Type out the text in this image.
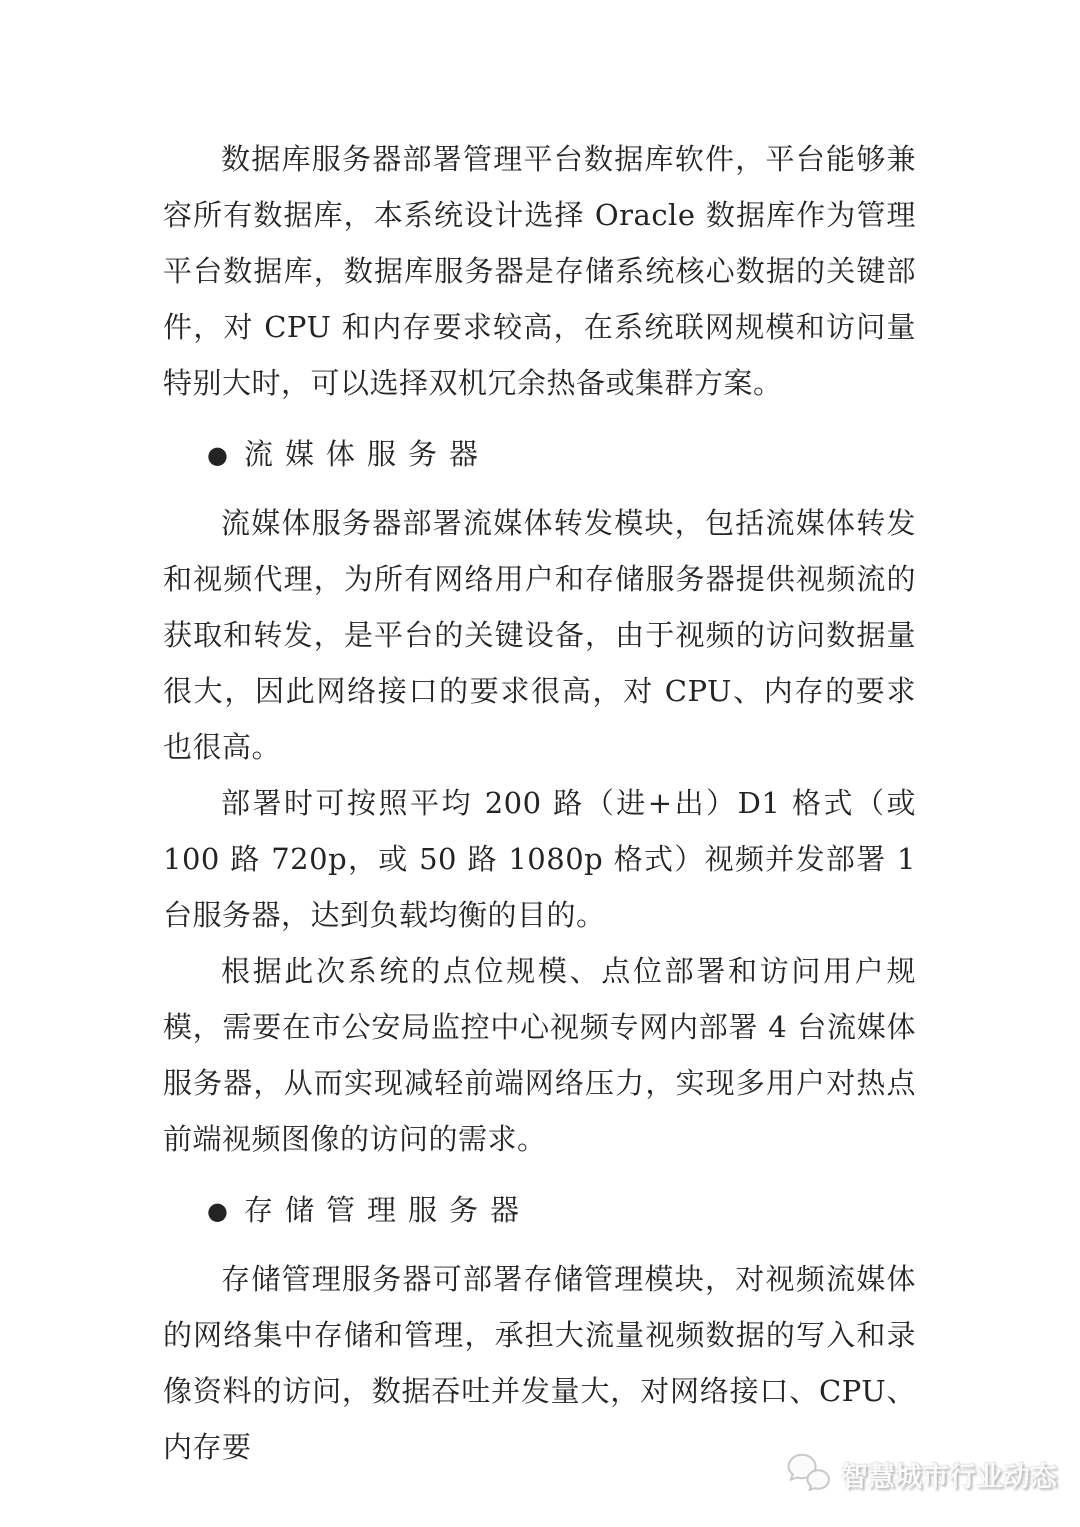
数据库服务器部署管理平台数据库软件，平台能够兼容所有数据库，本系统设计选择 Oracle 数据库作为管理平台数据库，数据库服务器是存储系统核心数据的关键部件，对 CPU 和内存要求较高，在系统联网规模和访问量特别大时，可以选择双机冗余热备或集群方案。

● 流媒体服务器

流媒体服务器部署流媒体转发模块，包括流媒体转发和视频代理，为所有网络用户和存储服务器提供视频流的获取和转发，是平台的关键设备，由于视频的访问数据量很大，因此网络接口的要求很高，对 CPU、内存的要求也很高。

部署时可按照平均 200 路（进+出）D1 格式（或 100 路 720p，或 50 路 1080p 格式）视频并发部署 1 台服务器，达到负载均衡的目的。

根据此次系统的点位规模、点位部署和访问用户规模，需要在市公安局监控中心视频专网内部署 4 台流媒体服务器，从而实现减轻前端网络压力，实现多用户对热点前端视频图像的访问的需求。

● 存储管理服务器

存储管理服务器可部署存储管理模块，对视频流媒体的网络集中存储和管理，承担大流量视频数据的写入和录像资料的访问，数据吞吐并发量大，对网络接口、CPU、内存要

智慧城市行业动态
